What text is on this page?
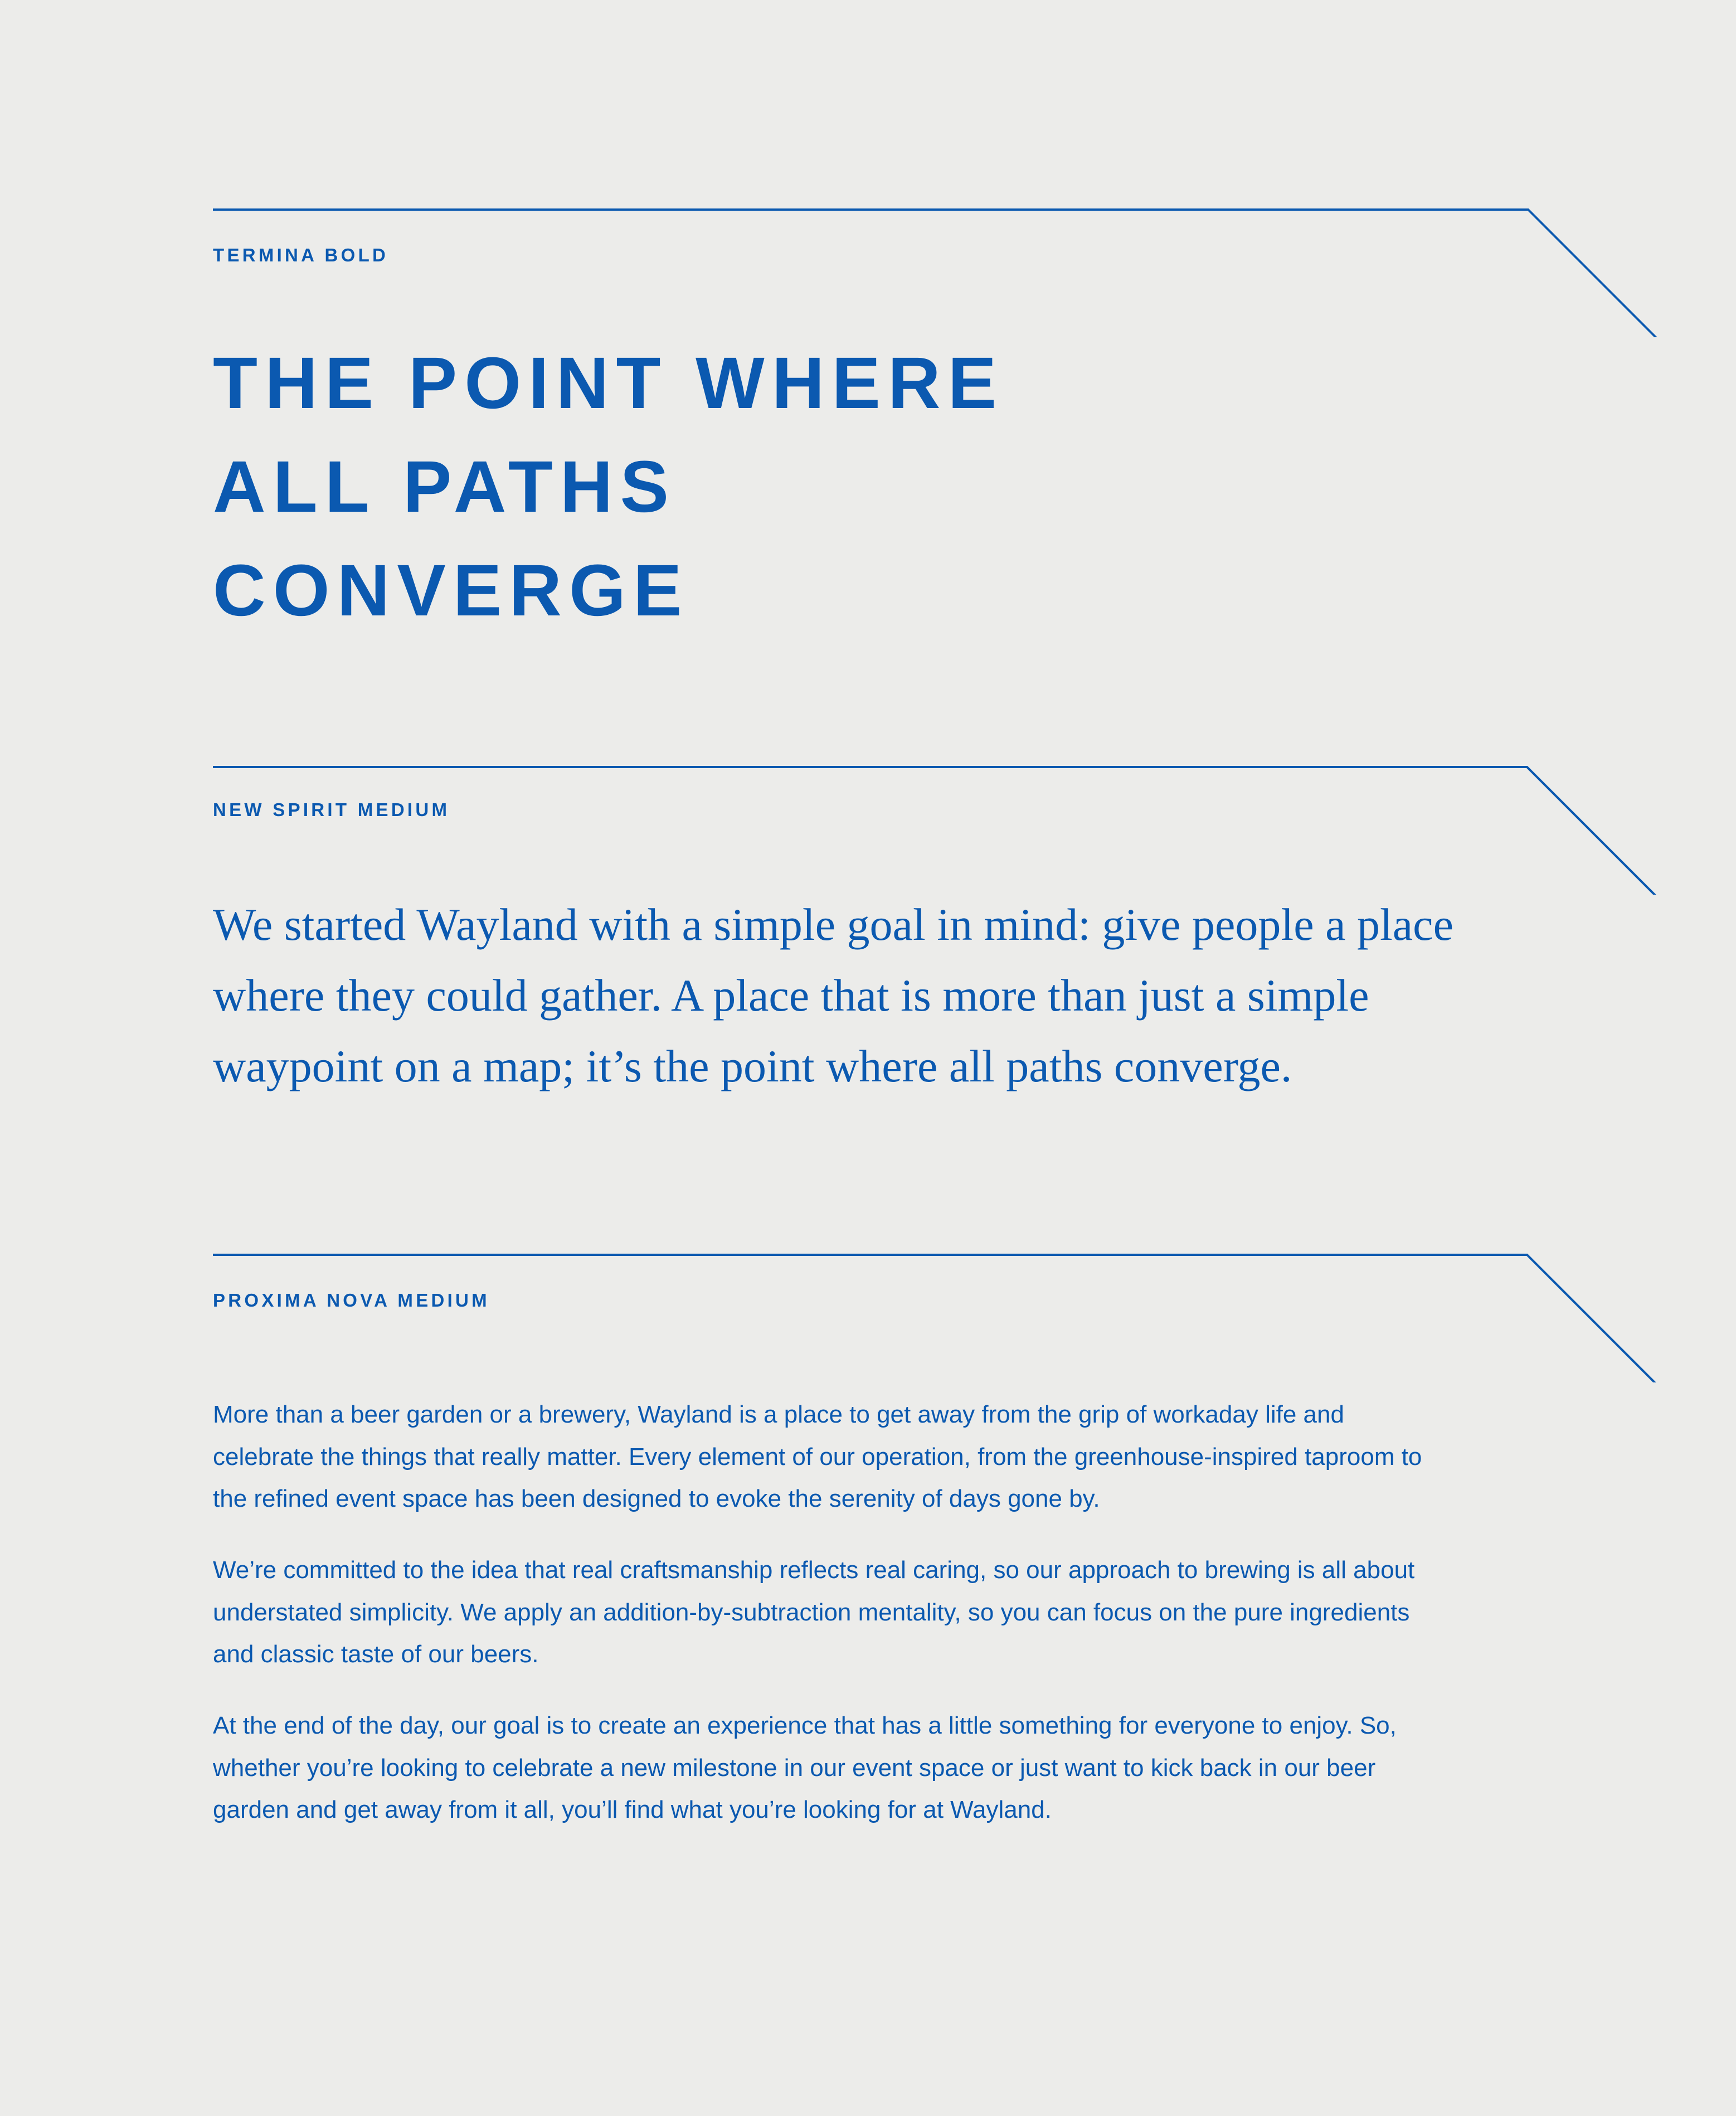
TERMINA BOLD
THE POINT WHERE
ALL PATHS
CONVERGE
NEW SPIRIT MEDIUM
We started Wayland with a simple goal in mind: give people a place where they could gather. A place that is more than just a simple waypoint on a map; it’s the point where all paths converge.
PROXIMA NOVA MEDIUM

More than a beer garden or a brewery, Wayland is a place to get away from the grip of workaday life and celebrate the things that really matter. Every element of our operation, from the greenhouse-inspired taproom to the refined event space has been designed to evoke the serenity of days gone by.

We’re committed to the idea that real craftsmanship reflects real caring, so our approach to brewing is all about understated simplicity. We apply an addition-by-subtraction mentality, so you can focus on the pure ingredients and classic taste of our beers.

At the end of the day, our goal is to create an experience that has a little something for everyone to enjoy. So, whether you’re looking to celebrate a new milestone in our event space or just want to kick back in our beer garden and get away from it all, you’ll find what you’re looking for at Wayland.
